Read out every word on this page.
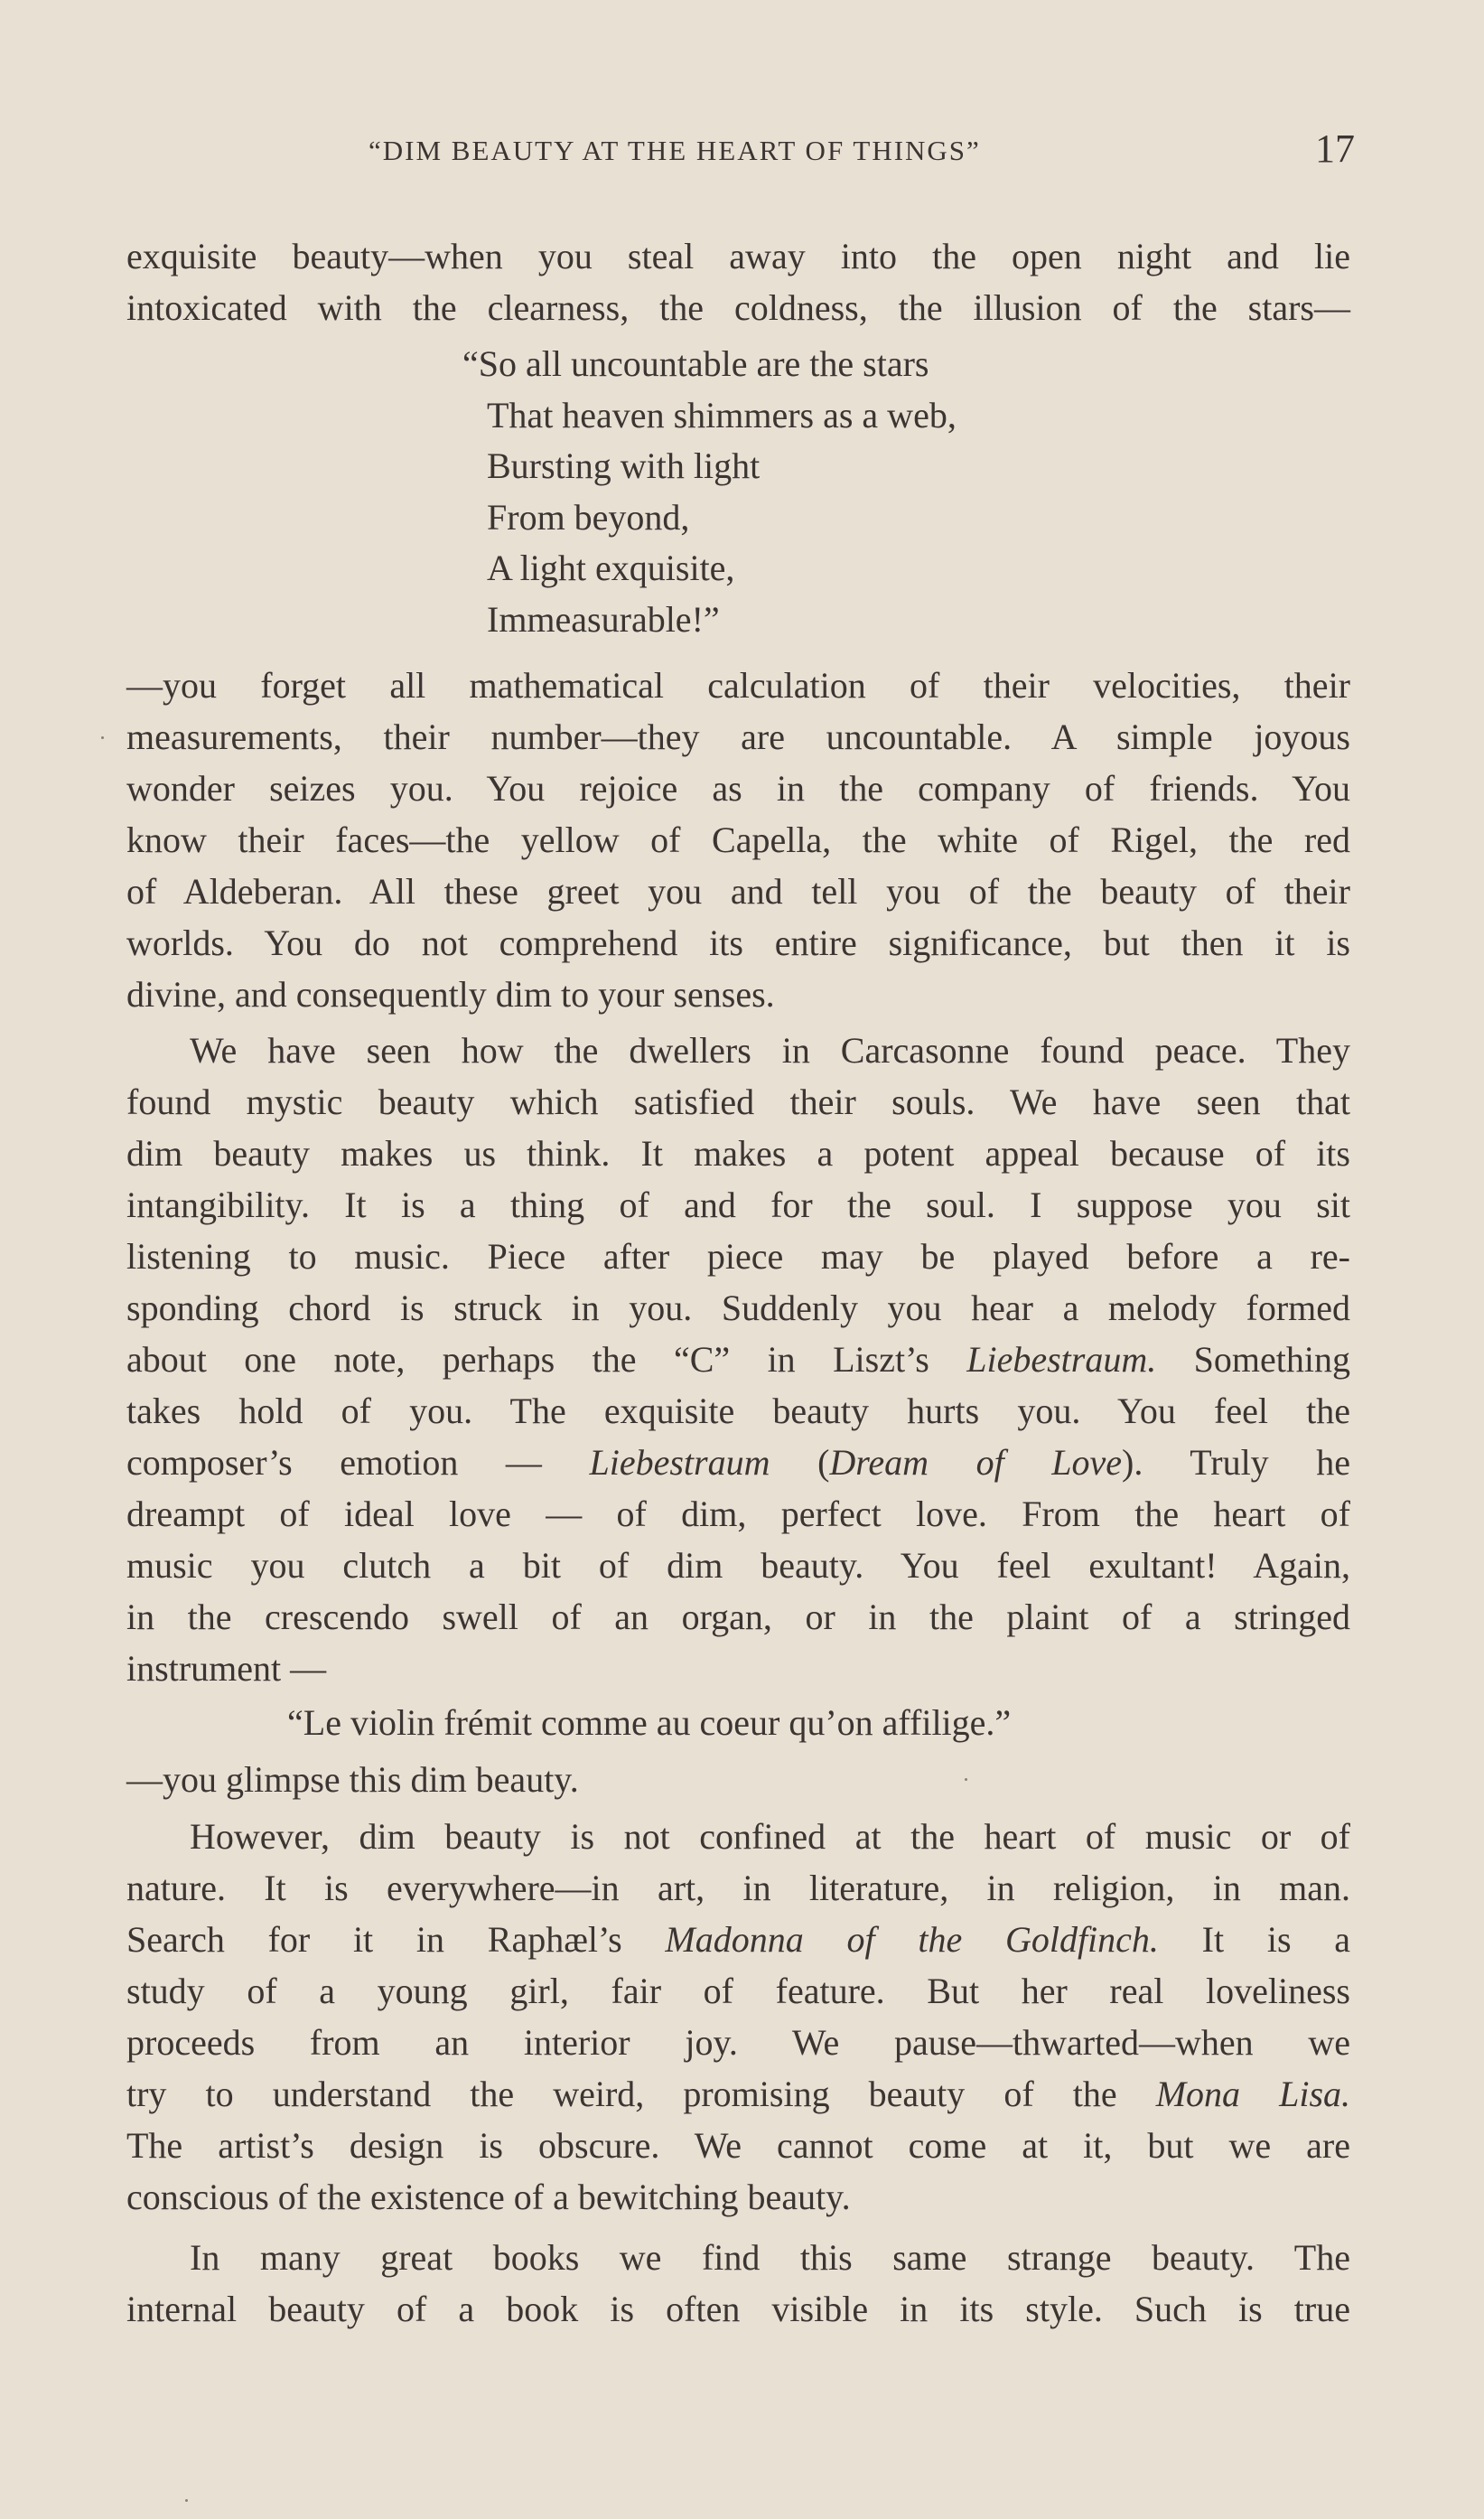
“DIM BEAUTY AT THE HEART OF THINGS”	17
exquisite beauty—when you steal away into the open night and lie
intoxicated with the clearness, the coldness, the illusion of the stars—
“So all uncountable are the stars
That heaven shimmers as a web,
Bursting with light
From beyond,
A light exquisite,
Immeasurable!”
—you forget all mathematical calculation of their velocities, their
measurements, their number—they are uncountable. A simple joyous
wonder seizes you. You rejoice as in the company of friends. You
know their faces—the yellow of Capella, the white of Rigel, the red
of Aldeberan. All these greet you and tell you of the beauty of their
worlds. You do not comprehend its entire significance, but then it is
divine, and consequently dim to your senses.
We have seen how the dwellers in Carcasonne found peace. They
found mystic beauty which satisfied their souls. We have seen that
dim beauty makes us think. It makes a potent appeal because of its
intangibility. It is a thing of and for the soul. I suppose you sit
listening to music. Piece after piece may be played before a re-
sponding chord is struck in you. Suddenly you hear a melody formed
about one note, perhaps the “C” in Liszt’s Liebestraum. Something
takes hold of you. The exquisite beauty hurts you. You feel the
composer’s emotion — Liebestraum (Dream of Love). Truly he
dreampt of ideal love — of dim, perfect love. From the heart of
music you clutch a bit of dim beauty. You feel exultant! Again,
in the crescendo swell of an organ, or in the plaint of a stringed
instrument —
“Le violin frémit comme au coeur qu’on affilige.”
—you glimpse this dim beauty.
However, dim beauty is not confined at the heart of music or of
nature. It is everywhere—in art, in literature, in religion, in man.
Search for it in Raphæl’s Madonna of the Goldfinch. It is a
study of a young girl, fair of feature. But her real loveliness
proceeds from an interior joy. We pause—thwarted—when we
try to understand the weird, promising beauty of the Mona Lisa.
The artist’s design is obscure. We cannot come at it, but we are
conscious of the existence of a bewitching beauty.
In many great books we find this same strange beauty. The
internal beauty of a book is often visible in its style. Such is true
